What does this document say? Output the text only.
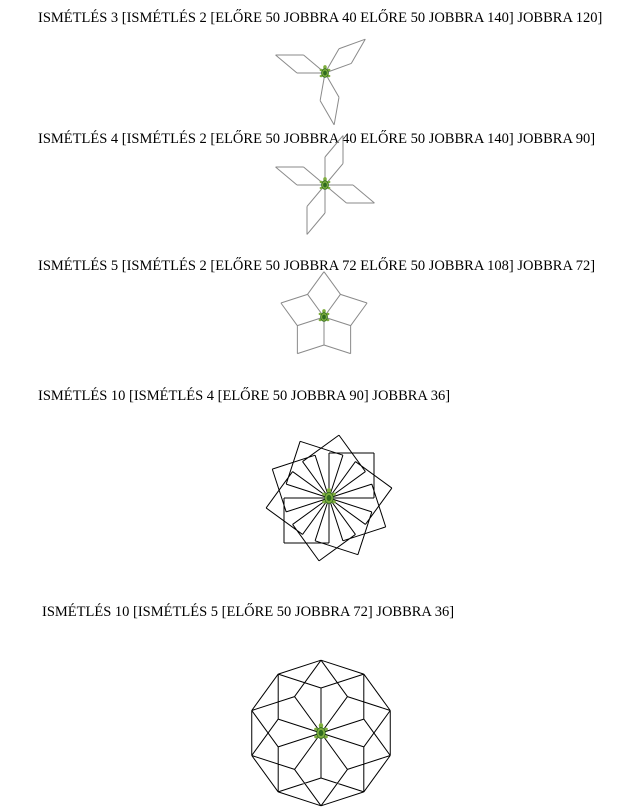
ISMÉTLÉS 3 [ISMÉTLÉS 2 [ELŐRE 50 JOBBRA 40 ELŐRE 50 JOBBRA 140] JOBBRA 120]

ISMÉTLÉS 4 [ISMÉTLÉS 2 [ELŐRE 50 JOBBRA 40 ELŐRE 50 JOBBRA 140] JOBBRA 90]

ISMÉTLÉS 5 [ISMÉTLÉS 2 [ELŐRE 50 JOBBRA 72 ELŐRE 50 JOBBRA 108] JOBBRA 72]

ISMÉTLÉS 10 [ISMÉTLÉS 4 [ELŐRE 50 JOBBRA 90] JOBBRA 36]

ISMÉTLÉS 10 [ISMÉTLÉS 5 [ELŐRE 50 JOBBRA 72] JOBBRA 36]
